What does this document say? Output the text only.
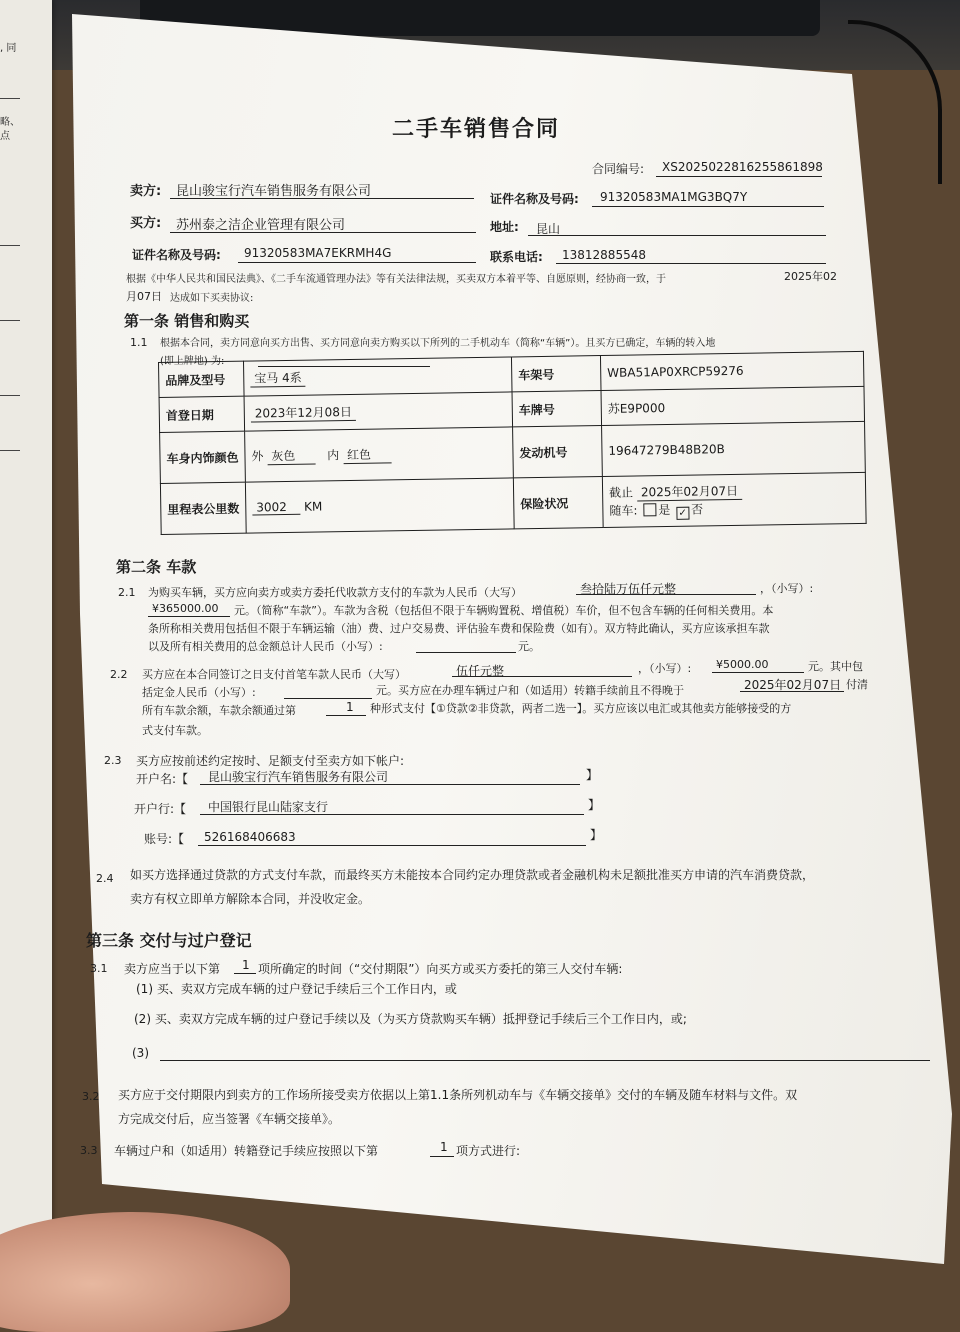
, 同
略、
点	二手车销售合同
合同编号: XS2025022816255861898
卖方: 昆山骏宝行汽车销售服务有限公司	证件名称及号码: 91320583MA1MG3BQ7Y
买方: 苏州泰之洁企业管理有限公司	地址: 昆山
证件名称及号码: 91320583MA7EKRMH4G	联系电话: 13812885548
根据《中华人民共和国民法典》、《二手车流通管理办法》等有关法律法规，买卖双方本着平等、自愿原则，经协商一致，于	2025年02
月07日 达成如下买卖协议:
第一条 销售和购买
1.1 根据本合同，卖方同意向买方出售、买方同意向卖方购买以下所列的二手机动车（简称“车辆”）。且买方已确定，车辆的转入地
(即上牌地) 为:
品牌及型号	宝马 4系	车架号	WBA51AP0XRCP59276
首登日期	2023年12月08日	车牌号	苏E9P000
车身内饰颜色	外 灰色 内 红色	发动机号	19647279B48B20B
里程表公里数	3002 KM	保险状况	截止 2025年02月07日
随车: 是 ✓ 否
第二条 车款
2.1 为购买车辆，买方应向卖方或卖方委托代收款方支付的车款为人民币（大写）	叁拾陆万伍仟元整	，（小写）:
¥365000.00 元。（简称“车款”）。车款为含税（包括但不限于车辆购置税、增值税）车价，但不包含车辆的任何相关费用。本
条所称相关费用包括但不限于车辆运输（油）费、过户交易费、评估验车费和保险费（如有）。双方特此确认，买方应该承担车款
以及所有相关费用的总金额总计人民币（小写）:	元。
2.2 买方应在本合同签订之日支付首笔车款人民币（大写）	伍仟元整	，（小写）: ¥5000.00	元。其中包
括定金人民币（小写）:	元。买方应在办理车辆过户和（如适用）转籍手续前且不得晚于	2025年02月07日 付清
所有车款余额，车款余额通过第	1 种形式支付【①贷款②非贷款，两者二选一】。买方应该以电汇或其他卖方能够接受的方
式支付车款。
2.3 买方应按前述约定按时、足额支付至卖方如下帐户:
开户名:【 昆山骏宝行汽车销售服务有限公司	】
开户行:【 中国银行昆山陆家支行	】
账号:【 526168406683	】
2.4 如买方选择通过贷款的方式支付车款，而最终买方未能按本合同约定办理贷款或者金融机构未足额批准买方申请的汽车消费贷款，
卖方有权立即单方解除本合同，并没收定金。
第三条 交付与过户登记
3.1 卖方应当于以下第 1 项所确定的时间（“交付期限”）向买方或买方委托的第三人交付车辆:
(1) 买、卖双方完成车辆的过户登记手续后三个工作日内，或
(2) 买、卖双方完成车辆的过户登记手续以及（为买方贷款购买车辆）抵押登记手续后三个工作日内，或;
(3)
3.2 买方应于交付期限内到卖方的工作场所接受卖方依据以上第1.1条所列机动车与《车辆交接单》交付的车辆及随车材料与文件。双
方完成交付后，应当签署《车辆交接单》。
3.3 车辆过户和（如适用）转籍登记手续应按照以下第	1 项方式进行:
